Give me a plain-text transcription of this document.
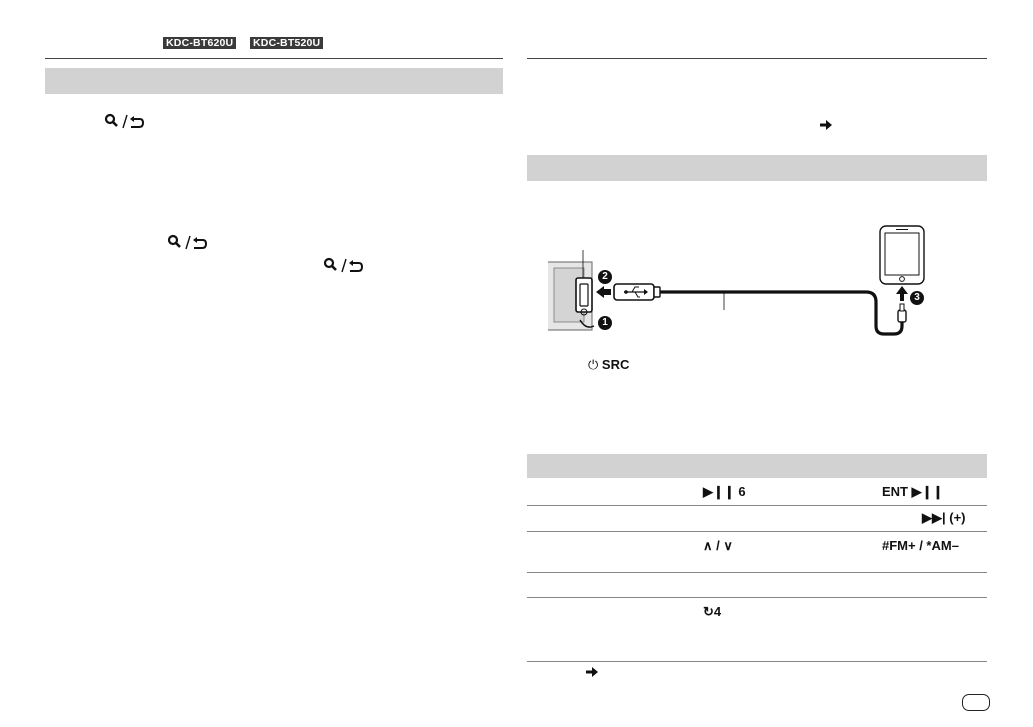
KDC-BT620U KDC-BT520U
2
3
1
⏻ SRC
▶❙❙ 6	ENT ▶❙❙
▶▶| (+)
∧ / ∨	#FM+ / *AM–
↻4
